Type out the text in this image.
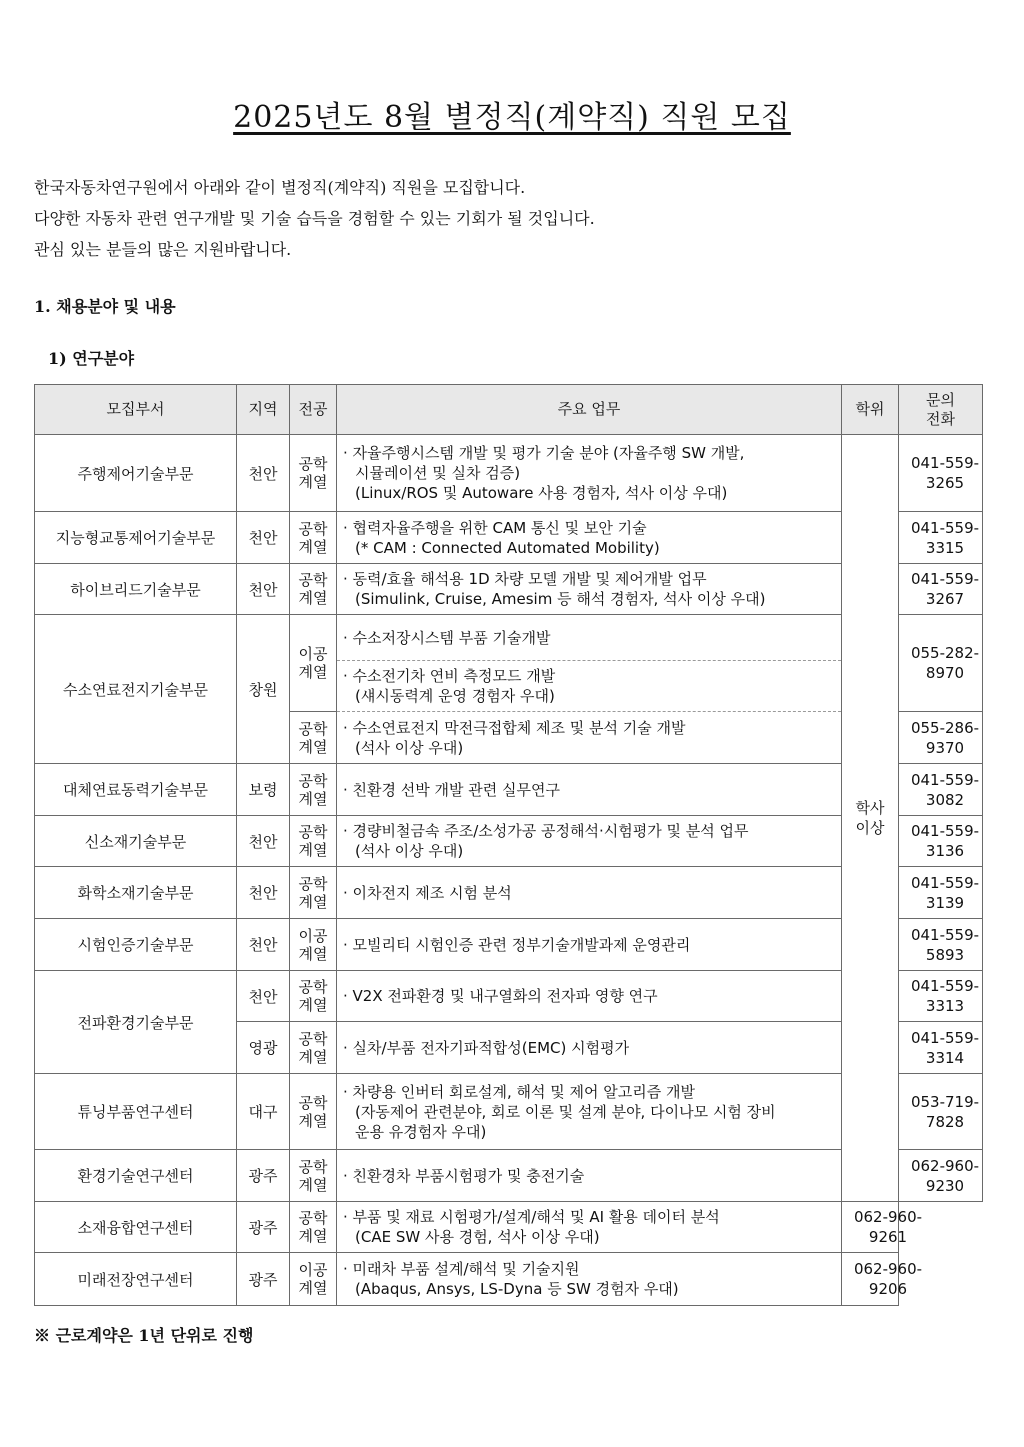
2025년도 8월 별정직(계약직) 직원 모집

한국자동차연구원에서 아래와 같이 별정직(계약직) 직원을 모집합니다.

다양한 자동차 관련 연구개발 및 기술 습득을 경험할 수 있는 기회가 될 것입니다.

관심 있는 분들의 많은 지원바랍니다.

1. 채용분야 및 내용
1) 연구분야
모집부서	지역	전공	주요 업무	학위	문의 전화
주행제어기술부문	천안	공학 계열	· 자율주행시스템 개발 및 평가 기술 분야 (자율주행 SW 개발,
시뮬레이션 및 실차 검증)
(Linux/ROS 및 Autoware 사용 경험자, 석사 이상 우대)	학사 이상	041-559-3265
지능형교통제어기술부문	천안	공학 계열	· 협력자율주행을 위한 CAM 통신 및 보안 기술
(* CAM : Connected Automated Mobility)		041-559-3315
하이브리드기술부문	천안	공학 계열	· 동력/효율 해석용 1D 차량 모델 개발 및 제어개발 업무
(Simulink, Cruise, Amesim 등 해석 경험자, 석사 이상 우대)		041-559-3267
수소연료전지기술부문	창원	이공 계열	· 수소저장시스템 부품 기술개발		055-282-8970

			· 수소전기차 연비 측정모드 개발
(섀시동력계 운영 경험자 우대)		

		공학 계열	· 수소연료전지 막전극접합체 제조 및 분석 기술 개발
(석사 이상 우대)		055-286-9370
대체연료동력기술부문	보령	공학 계열	· 친환경 선박 개발 관련 실무연구		041-559-3082
신소재기술부문	천안	공학 계열	· 경량비철금속 주조/소성가공 공정해석·시험평가 및 분석 업무
(석사 이상 우대)		041-559-3136
화학소재기술부문	천안	공학 계열	· 이차전지 제조 시험 분석		041-559-3139
시험인증기술부문	천안	이공 계열	· 모빌리티 시험인증 관련 정부기술개발과제 운영관리		041-559-5893
전파환경기술부문	천안	공학 계열	· V2X 전파환경 및 내구열화의 전자파 영향 연구		041-559-3313
	영광	공학 계열	· 실차/부품 전자기파적합성(EMC) 시험평가		041-559-3314
튜닝부품연구센터	대구	공학 계열	· 차량용 인버터 회로설계, 해석 및 제어 알고리즘 개발
(자동제어 관련분야, 회로 이론 및 설계 분야, 다이나모 시험 장비
운용 유경험자 우대)		053-719-7828
환경기술연구센터	광주	공학 계열	· 친환경차 부품시험평가 및 충전기술		062-960-9230
소재융합연구센터	광주	공학 계열	· 부품 및 재료 시험평가/설계/해석 및 AI 활용 데이터 분석
(CAE SW 사용 경험, 석사 이상 우대)	062-960-9261	
미래전장연구센터	광주	이공 계열	· 미래차 부품 설계/해석 및 기술지원
(Abaqus, Ansys, LS-Dyna 등 SW 경험자 우대)	062-960-9206	
※ 근로계약은 1년 단위로 진행
